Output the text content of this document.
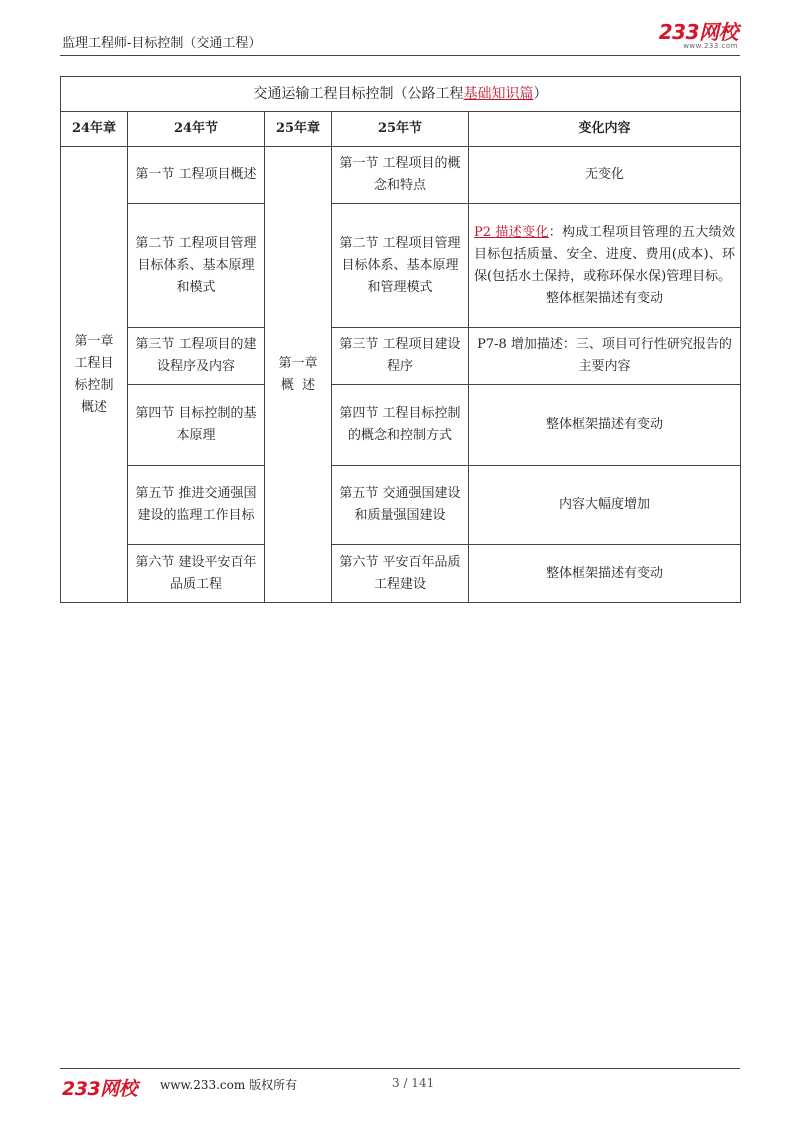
监理工程师-目标控制（交通工程）	233网校
www.233.com
交通运输工程目标控制（公路工程基础知识篇）				
24年章	24年节	25年章	25年节	变化内容

第一章工程目标控制概述	第一节 工程项目概述	第一章概  述	第一节 工程项目的概念和特点	无变化
	第二节 工程项目管理目标体系、基本原理和模式		第二节 工程项目管理目标体系、基本原理和管理模式	P2 描述变化：构成工程项目管理的五大绩效目标包括质量、安全、进度、费用(成本)、环保(包括水土保持，或称环保水保)管理目标。
整体框架描述有变动

	第三节 工程项目的建设程序及内容		第三节 工程项目建设程序	P7-8 增加描述：三、项目可行性研究报告的主要内容
	第四节 目标控制的基本原理		第四节 工程目标控制的概念和控制方式	整体框架描述有变动
	第五节 推进交通强国建设的监理工作目标		第五节 交通强国建设和质量强国建设	内容大幅度增加
	第六节 建设平安百年品质工程		第六节 平安百年品质工程建设	整体框架描述有变动
233网校 www.233.com 版权所有	3 / 141
